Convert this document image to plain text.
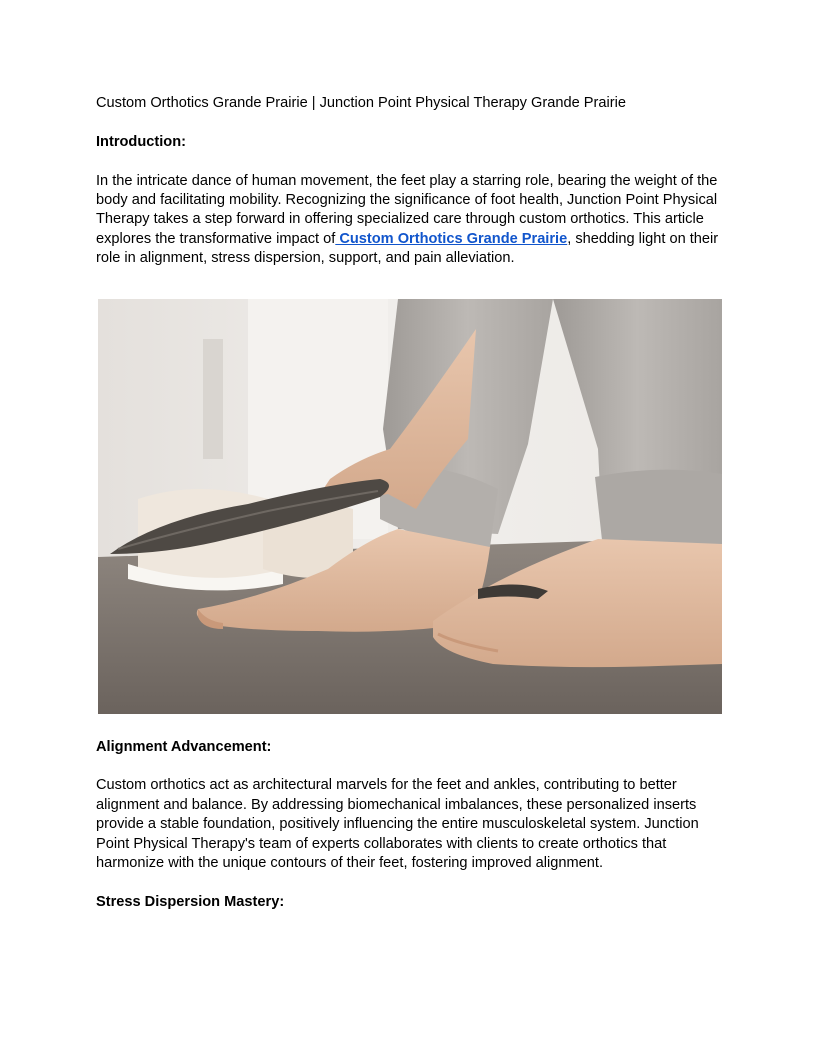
Custom Orthotics Grande Prairie | Junction Point Physical Therapy Grande Prairie

Introduction:

In the intricate dance of human movement, the feet play a starring role, bearing the weight of the body and facilitating mobility. Recognizing the significance of foot health, Junction Point Physical Therapy takes a step forward in offering specialized care through custom orthotics. This article explores the transformative impact of Custom Orthotics Grande Prairie, shedding light on their role in alignment, stress dispersion, support, and pain alleviation.

Alignment Advancement:

Custom orthotics act as architectural marvels for the feet and ankles, contributing to better alignment and balance. By addressing biomechanical imbalances, these personalized inserts provide a stable foundation, positively influencing the entire musculoskeletal system. Junction Point Physical Therapy's team of experts collaborates with clients to create orthotics that harmonize with the unique contours of their feet, fostering improved alignment.

Stress Dispersion Mastery:
